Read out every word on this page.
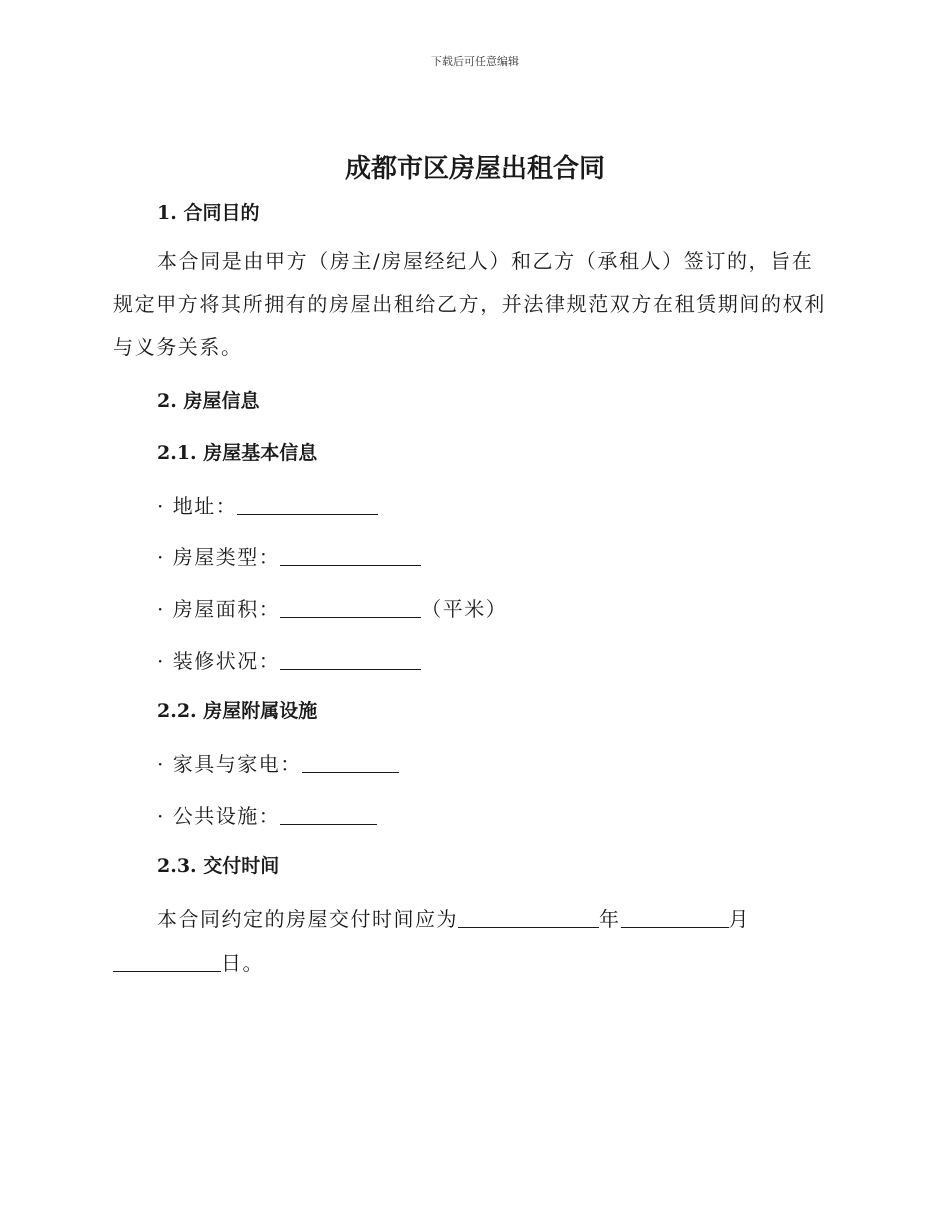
下载后可任意编辑
成都市区房屋出租合同
1. 合同目的

本合同是由甲方（房主/房屋经纪人）和乙方（承租人）签订的，旨在规定甲方将其所拥有的房屋出租给乙方，并法律规范双方在租赁期间的权利与义务关系。

2. 房屋信息
2.1. 房屋基本信息
· 地址：
· 房屋类型：
· 房屋面积：	（平米）
· 装修状况：
2.2. 房屋附属设施
· 家具与家电：
· 公共设施：
2.3. 交付时间
本合同约定的房屋交付时间应为	年	月
日。
